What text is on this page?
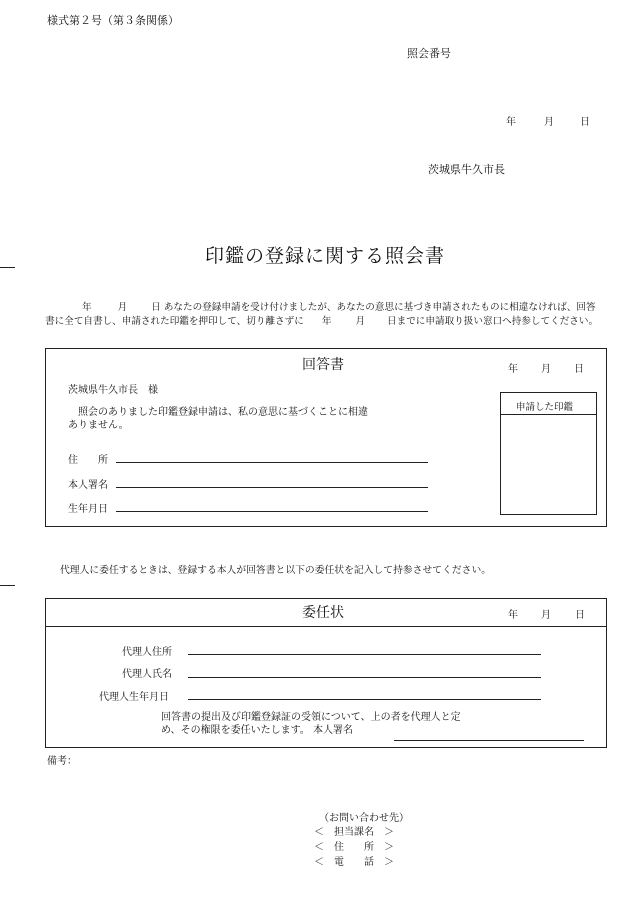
様式第２号（第３条関係）
照会番号
年	月	日
茨城県牛久市長
印鑑の登録に関する照会書
年	月	日 あなたの登録申請を受け付けましたが、あなたの意思に基づき申請されたものに相違なければ、回答書に全て自書し、申請された印鑑を押印して、切り離さずに 年	月 日までに申請取り扱い窓口へ持参してください。
回答書	年 月 日
茨城県牛久市長　様
　照会のありました印鑑登録申請は、私の意思に基づくことに相違
ありません。
住　　所
本人署名
生年月日
申請した印鑑
代理人に委任するときは、登録する本人が回答書と以下の委任状を記入して持参させてください。
委任状	年 月 日
代理人住所
代理人氏名
代理人生年月日
回答書の提出及び印鑑登録証の受領について、上の者を代理人と定
め、その権限を委任いたします。 本人署名
備考：
（お問い合わせ先）
＜　担当課名　＞
＜　住　　所　＞
＜　電　　話　＞
